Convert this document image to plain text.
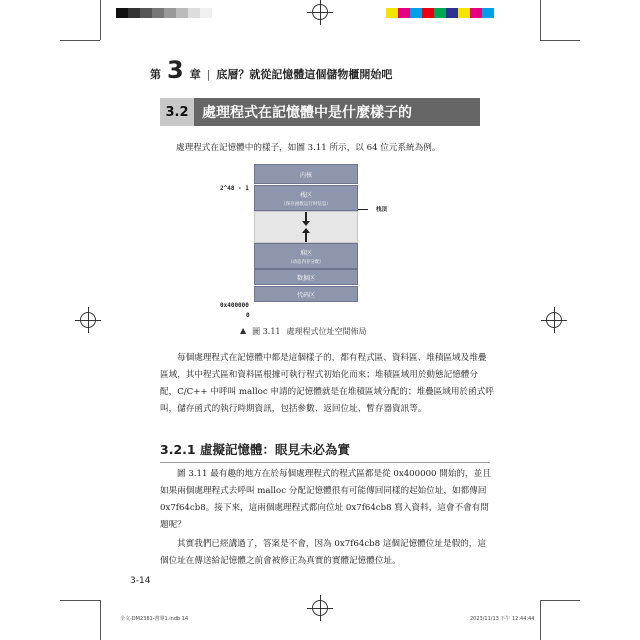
第 3 章 | 底層？就從記憶體這個儲物櫃開始吧
3.2 處理程式在記憶體中是什麼樣子的

處理程式在記憶體中的樣子，如圖 3.11 所示，以 64 位元系統為例。

内核
栈区
（保存函数运行时信息）
堆区
（动态内存分配）
数据区
代码区
栈顶
2^48 - 1
0x400000
0
▲ 圖 3.11 處理程式位址空間佈局

每個處理程式在記憶體中都是這個樣子的，都有程式區、資料區、堆積區域及堆疊區域，其中程式區和資料區根據可執行程式初始化而來；堆積區域用於動態記憶體分配，C/C++ 中呼叫 malloc 申請的記憶體就是在堆積區域分配的；堆疊區域用於函式呼叫，儲存函式的執行時期資訊，包括參數、返回位址、暫存器資訊等。

3.2.1 虛擬記憶體：眼見未必為實

圖 3.11 最有趣的地方在於每個處理程式的程式區都是從 0x400000 開始的，並且如果兩個處理程式去呼叫 malloc 分配記憶體很有可能傳回同樣的起始位址，如都傳回 0x7f64cb8。接下來，這兩個處理程式都向位址 0x7f64cb8 寫入資料，這會不會有問題呢？

其實我們已經講過了，答案是不會，因為 0x7f64cb8 這個記憶體位址是假的，這個位址在傳送給記憶體之前會被修正為真實的實體記憶體位址。

3-14
全文-DM2381-書導1.indb 14	2023/11/13 下午 12:44:44
